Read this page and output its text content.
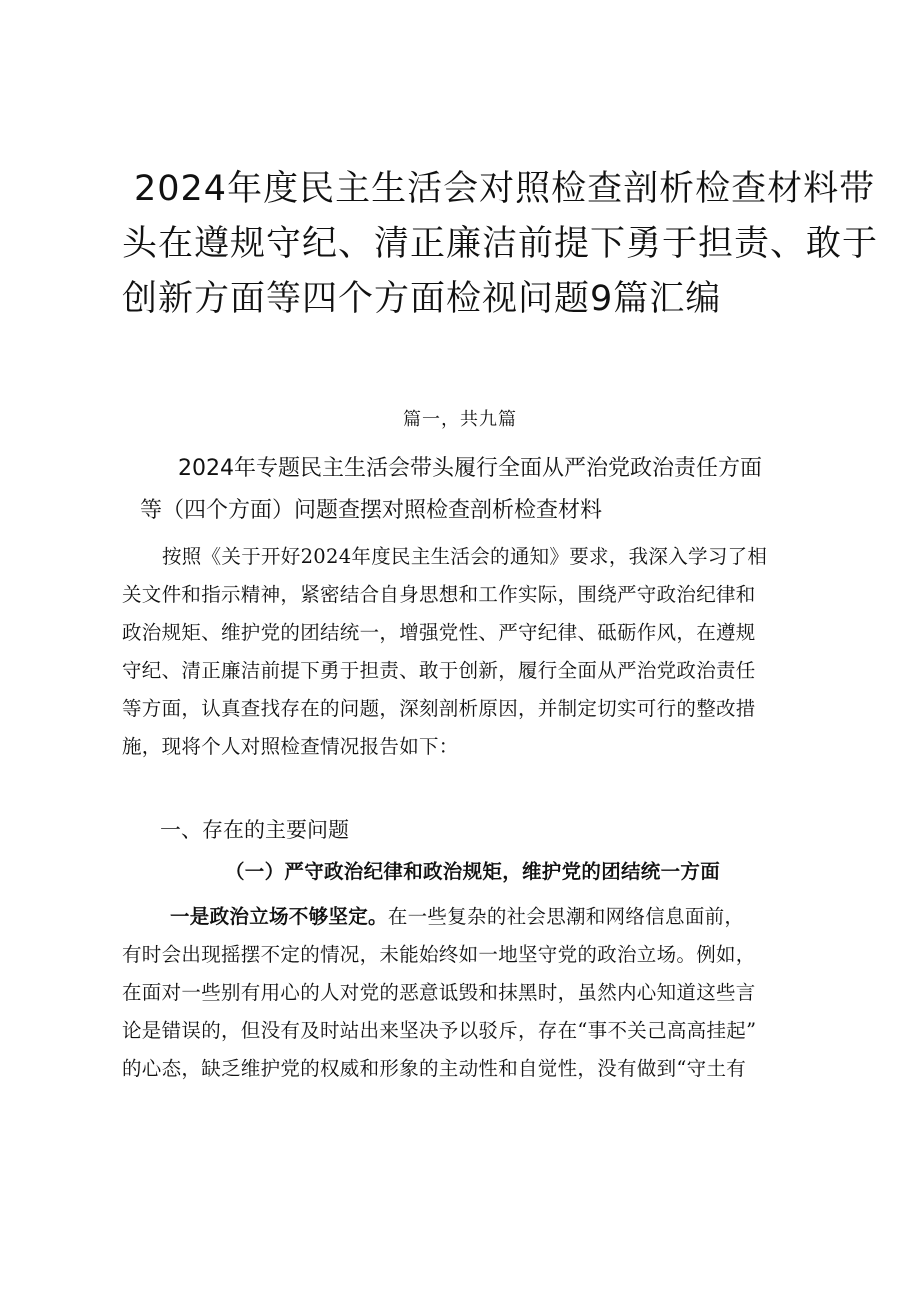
2024年度民主生活会对照检查剖析检查材料带
头在遵规守纪、清正廉洁前提下勇于担责、敢于
创新方面等四个方面检视问题9篇汇编
篇一，共九篇
2024年专题民主生活会带头履行全面从严治党政治责任方面
等（四个方面）问题查摆对照检查剖析检查材料
按照《关于开好2024年度民主生活会的通知》要求，我深入学习了相
关文件和指示精神，紧密结合自身思想和工作实际，围绕严守政治纪律和
政治规矩、维护党的团结统一，增强党性、严守纪律、砥砺作风，在遵规
守纪、清正廉洁前提下勇于担责、敢于创新，履行全面从严治党政治责任
等方面，认真查找存在的问题，深刻剖析原因，并制定切实可行的整改措
施，现将个人对照检查情况报告如下：
一、存在的主要问题
（一）严守政治纪律和政治规矩，维护党的团结统一方面
一是政治立场不够坚定。在一些复杂的社会思潮和网络信息面前，
有时会出现摇摆不定的情况，未能始终如一地坚守党的政治立场。例如，
在面对一些别有用心的人对党的恶意诋毁和抹黑时，虽然内心知道这些言
论是错误的，但没有及时站出来坚决予以驳斥，存在“事不关己高高挂起”
的心态，缺乏维护党的权威和形象的主动性和自觉性，没有做到“守土有
